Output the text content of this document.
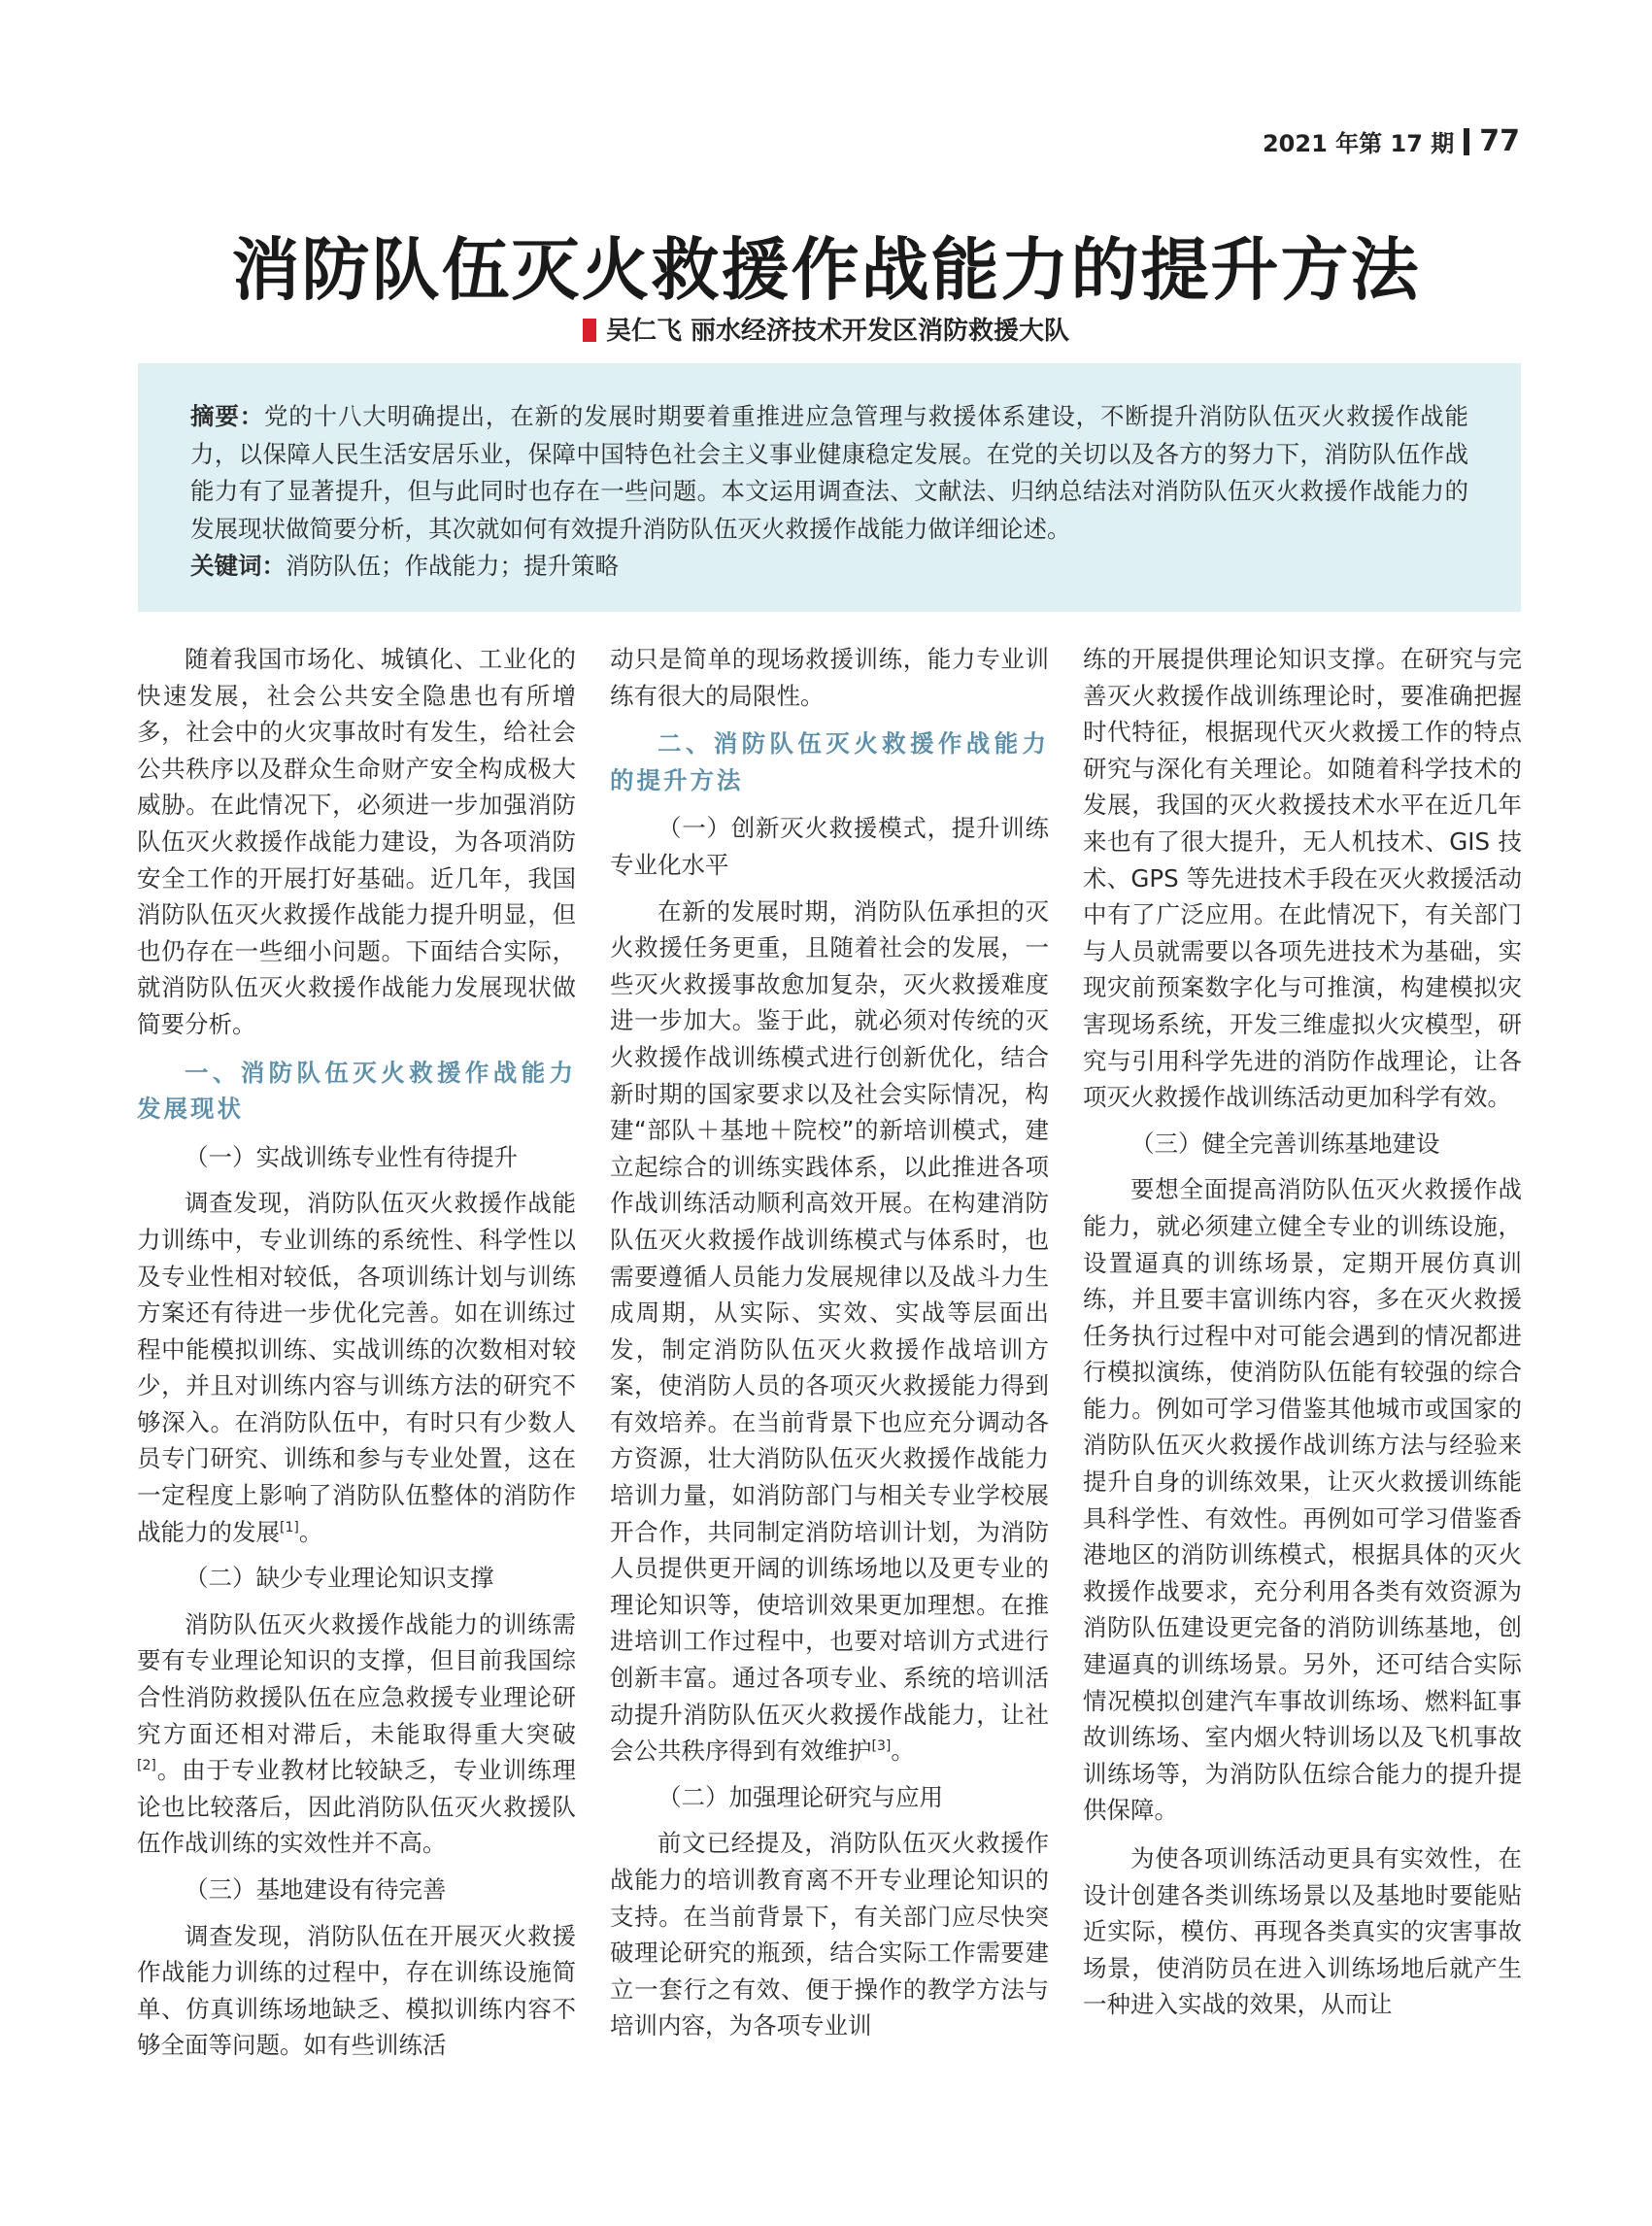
2021 年第 17 期 77
消防队伍灭火救援作战能力的提升方法
吴仁飞 丽水经济技术开发区消防救援大队
摘要：党的十八大明确提出，在新的发展时期要着重推进应急管理与救援体系建设，不断提升消防队伍灭火救援作战能力，以保障人民生活安居乐业，保障中国特色社会主义事业健康稳定发展。在党的关切以及各方的努力下，消防队伍作战能力有了显著提升，但与此同时也存在一些问题。本文运用调查法、文献法、归纳总结法对消防队伍灭火救援作战能力的发展现状做简要分析，其次就如何有效提升消防队伍灭火救援作战能力做详细论述。
关键词：消防队伍；作战能力；提升策略

随着我国市场化、城镇化、工业化的快速发展，社会公共安全隐患也有所增多，社会中的火灾事故时有发生，给社会公共秩序以及群众生命财产安全构成极大威胁。在此情况下，必须进一步加强消防队伍灭火救援作战能力建设，为各项消防安全工作的开展打好基础。近几年，我国消防队伍灭火救援作战能力提升明显，但也仍存在一些细小问题。下面结合实际，就消防队伍灭火救援作战能力发展现状做简要分析。

一、消防队伍灭火救援作战能力发展现状
（一）实战训练专业性有待提升

调查发现，消防队伍灭火救援作战能力训练中，专业训练的系统性、科学性以及专业性相对较低，各项训练计划与训练方案还有待进一步优化完善。如在训练过程中能模拟训练、实战训练的次数相对较少，并且对训练内容与训练方法的研究不够深入。在消防队伍中，有时只有少数人员专门研究、训练和参与专业处置，这在一定程度上影响了消防队伍整体的消防作战能力的发展[1]。

（二）缺少专业理论知识支撑

消防队伍灭火救援作战能力的训练需要有专业理论知识的支撑，但目前我国综合性消防救援队伍在应急救援专业理论研究方面还相对滞后，未能取得重大突破[2]。由于专业教材比较缺乏，专业训练理论也比较落后，因此消防队伍灭火救援队伍作战训练的实效性并不高。

（三）基地建设有待完善

调查发现，消防队伍在开展灭火救援作战能力训练的过程中，存在训练设施简单、仿真训练场地缺乏、模拟训练内容不够全面等问题。如有些训练活

动只是简单的现场救援训练，能力专业训练有很大的局限性。

二、消防队伍灭火救援作战能力的提升方法
（一）创新灭火救援模式，提升训练专业化水平

在新的发展时期，消防队伍承担的灭火救援任务更重，且随着社会的发展，一些灭火救援事故愈加复杂，灭火救援难度进一步加大。鉴于此，就必须对传统的灭火救援作战训练模式进行创新优化，结合新时期的国家要求以及社会实际情况，构建“部队＋基地＋院校”的新培训模式，建立起综合的训练实践体系，以此推进各项作战训练活动顺利高效开展。在构建消防队伍灭火救援作战训练模式与体系时，也需要遵循人员能力发展规律以及战斗力生成周期，从实际、实效、实战等层面出发，制定消防队伍灭火救援作战培训方案，使消防人员的各项灭火救援能力得到有效培养。在当前背景下也应充分调动各方资源，壮大消防队伍灭火救援作战能力培训力量，如消防部门与相关专业学校展开合作，共同制定消防培训计划，为消防人员提供更开阔的训练场地以及更专业的理论知识等，使培训效果更加理想。在推进培训工作过程中，也要对培训方式进行创新丰富。通过各项专业、系统的培训活动提升消防队伍灭火救援作战能力，让社会公共秩序得到有效维护[3]。

（二）加强理论研究与应用

前文已经提及，消防队伍灭火救援作战能力的培训教育离不开专业理论知识的支持。在当前背景下，有关部门应尽快突破理论研究的瓶颈，结合实际工作需要建立一套行之有效、便于操作的教学方法与培训内容，为各项专业训

练的开展提供理论知识支撑。在研究与完善灭火救援作战训练理论时，要准确把握时代特征，根据现代灭火救援工作的特点研究与深化有关理论。如随着科学技术的发展，我国的灭火救援技术水平在近几年来也有了很大提升，无人机技术、GIS 技术、GPS 等先进技术手段在灭火救援活动中有了广泛应用。在此情况下，有关部门与人员就需要以各项先进技术为基础，实现灾前预案数字化与可推演，构建模拟灾害现场系统，开发三维虚拟火灾模型，研究与引用科学先进的消防作战理论，让各项灭火救援作战训练活动更加科学有效。

（三）健全完善训练基地建设

要想全面提高消防队伍灭火救援作战能力，就必须建立健全专业的训练设施，设置逼真的训练场景，定期开展仿真训练，并且要丰富训练内容，多在灭火救援任务执行过程中对可能会遇到的情况都进行模拟演练，使消防队伍能有较强的综合能力。例如可学习借鉴其他城市或国家的消防队伍灭火救援作战训练方法与经验来提升自身的训练效果，让灭火救援训练能具科学性、有效性。再例如可学习借鉴香港地区的消防训练模式，根据具体的灭火救援作战要求，充分利用各类有效资源为消防队伍建设更完备的消防训练基地，创建逼真的训练场景。另外，还可结合实际情况模拟创建汽车事故训练场、燃料缸事故训练场、室内烟火特训场以及飞机事故训练场等，为消防队伍综合能力的提升提供保障。

为使各项训练活动更具有实效性，在设计创建各类训练场景以及基地时要能贴近实际，模仿、再现各类真实的灾害事故场景，使消防员在进入训练场地后就产生一种进入实战的效果，从而让
